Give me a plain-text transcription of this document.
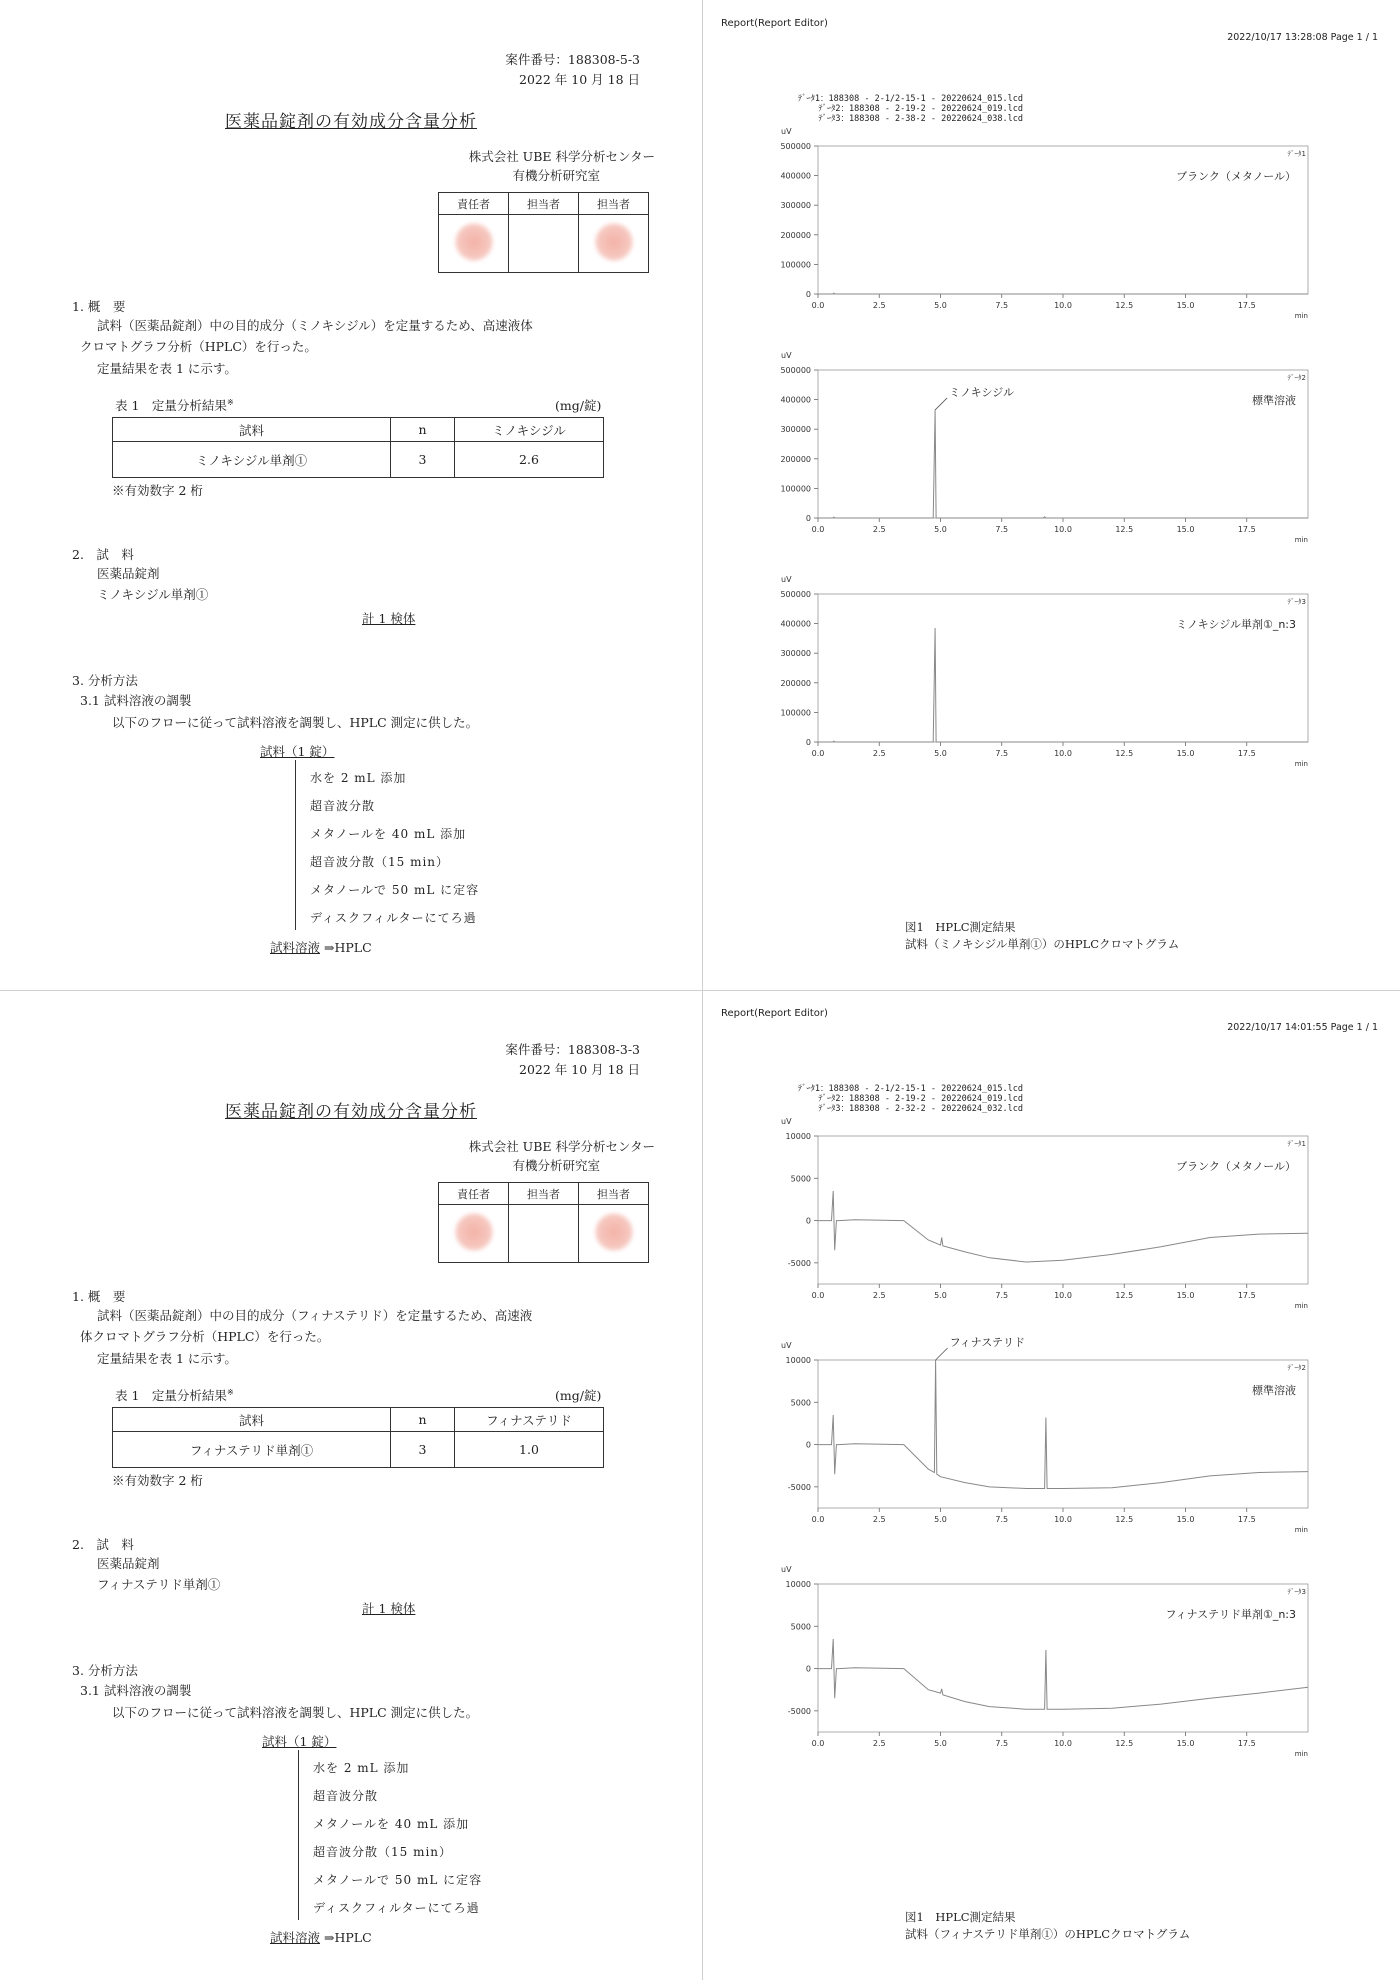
案件番号：188308-5-3
2022 年 10 月 18 日
医薬品錠剤の有効成分含量分析
株式会社 UBE 科学分析センター
有機分析研究室
責任者	担当者	担当者

1. 概　要
試料（医薬品錠剤）中の目的成分（ミノキシジル）を定量するため、高速液体
クロマトグラフ分析（HPLC）を行った。
定量結果を表 1 に示す。
表 1　定量分析結果※	(mg/錠)
試料	n	ミノキシジル
ミノキシジル単剤①	3	2.6
※有効数字 2 桁
2.　試　料
医薬品錠剤
ミノキシジル単剤①
計 1 検体
3. 分析方法
3.1 試料溶液の調製
以下のフローに従って試料溶液を調製し、HPLC 測定に供した。
試料（1 錠）
水を 2 mL 添加
超音波分散
メタノールを 40 mL 添加
超音波分散（15 min）
メタノールで 50 mL に定容
ディスクフィルターにてろ過
試料溶液 ⇒HPLC
案件番号：188308-3-3
2022 年 10 月 18 日
医薬品錠剤の有効成分含量分析
株式会社 UBE 科学分析センター
有機分析研究室
責任者	担当者	担当者

1. 概　要
試料（医薬品錠剤）中の目的成分（フィナステリド）を定量するため、高速液
体クロマトグラフ分析（HPLC）を行った。
定量結果を表 1 に示す。
表 1　定量分析結果※	(mg/錠)
試料	n	フィナステリド
フィナステリド単剤①	3	1.0
※有効数字 2 桁
2.　試　料
医薬品錠剤
フィナステリド単剤①
計 1 検体
3. 分析方法
3.1 試料溶液の調製
以下のフローに従って試料溶液を調製し、HPLC 測定に供した。
試料（1 錠）
水を 2 mL 添加
超音波分散
メタノールを 40 mL 添加
超音波分散（15 min）
メタノールで 50 mL に定容
ディスクフィルターにてろ過
試料溶液 ⇒HPLC
Report(Report Editor)
2022/10/17 13:28:08 Page 1 / 1
ﾃﾞｰﾀ1：188308 - 2-1/2-15-1 - 20220624_015.lcd
ﾃﾞｰﾀ2：188308 - 2-19-2 - 20220624_019.lcd
ﾃﾞｰﾀ3：188308 - 2-38-2 - 20220624_038.lcd
uV
500000
400000
300000
200000
100000
0
0.0	2.5	5.0	7.5	10.0	12.5	15.0	17.5
min
ﾃﾞｰﾀ1
ブランク（メタノール）
uV
500000
400000
300000
200000
100000
0
0.0	2.5	5.0	7.5	10.0	12.5	15.0	17.5
min
ﾃﾞｰﾀ2
標準溶液
ミノキシジル
uV
500000
400000
300000
200000
100000
0
0.0	2.5	5.0	7.5	10.0	12.5	15.0	17.5
min
ﾃﾞｰﾀ3
ミノキシジル単剤①_n:3
図1　HPLC測定結果
試料（ミノキシジル単剤①）のHPLCクロマトグラム
Report(Report Editor)
2022/10/17 14:01:55 Page 1 / 1
ﾃﾞｰﾀ1：188308 - 2-1/2-15-1 - 20220624_015.lcd
ﾃﾞｰﾀ2：188308 - 2-19-2 - 20220624_019.lcd
ﾃﾞｰﾀ3：188308 - 2-32-2 - 20220624_032.lcd
uV
10000
5000
0
-5000
0.0	2.5	5.0	7.5	10.0	12.5	15.0	17.5
min
ﾃﾞｰﾀ1
ブランク（メタノール）
uV
10000
5000
0
-5000
0.0	2.5	5.0	7.5	10.0	12.5	15.0	17.5
min
ﾃﾞｰﾀ2
標準溶液
フィナステリド
uV
10000
5000
0
-5000
0.0	2.5	5.0	7.5	10.0	12.5	15.0	17.5
min
ﾃﾞｰﾀ3
フィナステリド単剤①_n:3
図1　HPLC測定結果
試料（フィナステリド単剤①）のHPLCクロマトグラム
